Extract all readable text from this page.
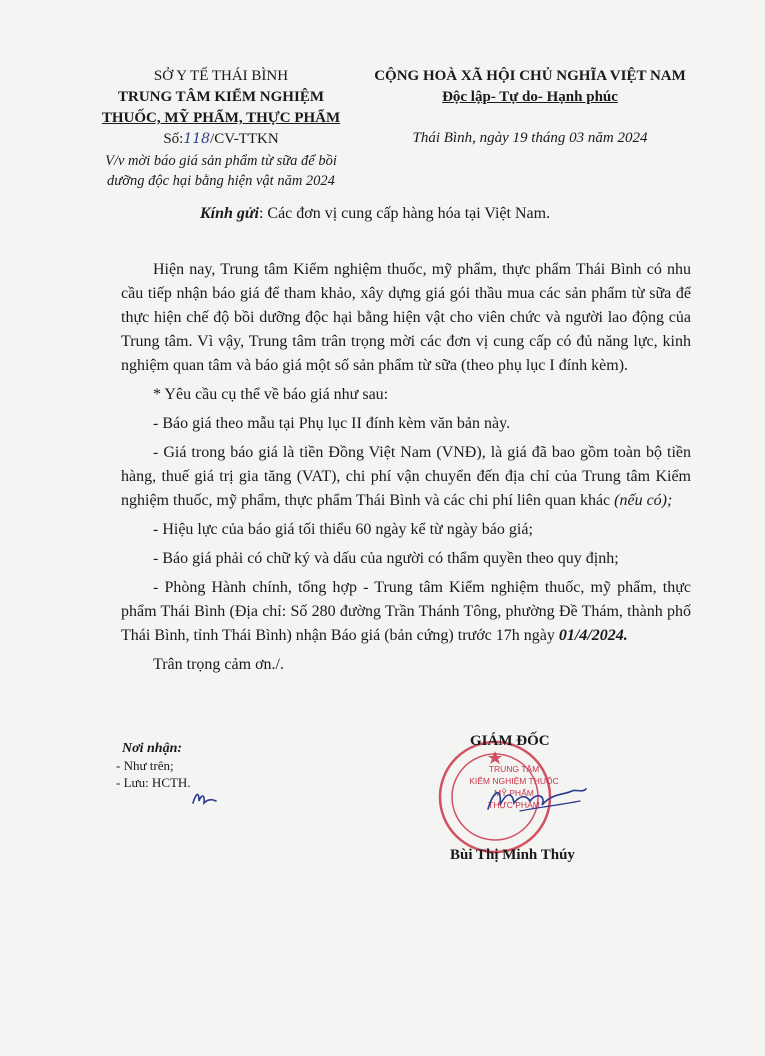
SỞ Y TẾ THÁI BÌNH
TRUNG TÂM KIỂM NGHIỆM
THUỐC, MỸ PHẨM, THỰC PHẨM
Số:118/CV-TTKN
V/v mời báo giá sản phẩm từ sữa để bồi
dưỡng độc hại bằng hiện vật năm 2024
CỘNG HOÀ XÃ HỘI CHỦ NGHĨA VIỆT NAM
Độc lập- Tự do- Hạnh phúc
Thái Bình, ngày 19 tháng 03 năm 2024
Kính gửi: Các đơn vị cung cấp hàng hóa tại Việt Nam.

Hiện nay, Trung tâm Kiểm nghiệm thuốc, mỹ phẩm, thực phẩm Thái Bình có nhu cầu tiếp nhận báo giá để tham khảo, xây dựng giá gói thầu mua các sản phẩm từ sữa để thực hiện chế độ bồi dưỡng độc hại bằng hiện vật cho viên chức và người lao động của Trung tâm. Vì vậy, Trung tâm trân trọng mời các đơn vị cung cấp có đủ năng lực, kinh nghiệm quan tâm và báo giá một số sản phẩm từ sữa (theo phụ lục I đính kèm).

* Yêu cầu cụ thể về báo giá như sau:

- Báo giá theo mẫu tại Phụ lục II đính kèm văn bản này.

- Giá trong báo giá là tiền Đồng Việt Nam (VNĐ), là giá đã bao gồm toàn bộ tiền hàng, thuế giá trị gia tăng (VAT), chi phí vận chuyển đến địa chỉ của Trung tâm Kiểm nghiệm thuốc, mỹ phẩm, thực phẩm Thái Bình và các chi phí liên quan khác (nếu có);

- Hiệu lực của báo giá tối thiểu 60 ngày kể từ ngày báo giá;

- Báo giá phải có chữ ký và dấu của người có thẩm quyền theo quy định;

- Phòng Hành chính, tổng hợp - Trung tâm Kiểm nghiệm thuốc, mỹ phẩm, thực phẩm Thái Bình (Địa chỉ: Số 280 đường Trần Thánh Tông, phường Đề Thám, thành phố Thái Bình, tỉnh Thái Bình) nhận Báo giá (bản cứng) trước 17h ngày 01/4/2024.

Trân trọng cảm ơn./.

Nơi nhận:
- Như trên;
- Lưu: HCTH.
TRUNG TÂM
KIỂM NGHIỆM THUỐC
MỸ PHẨM
THỰC PHẨM
GIÁM ĐỐC
Bùi Thị Minh Thúy
